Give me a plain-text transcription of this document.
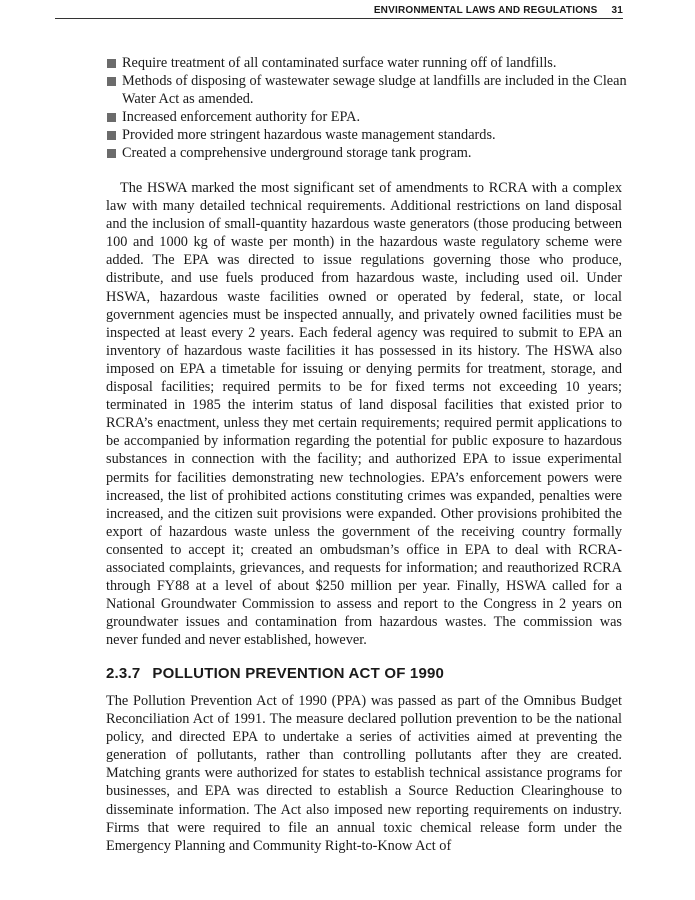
ENVIRONMENTAL LAWS AND REGULATIONS 31
Require treatment of all contaminated surface water running off of landfills.
Methods of disposing of wastewater sewage sludge at landfills are included in the Clean Water Act as amended.
Increased enforcement authority for EPA.
Provided more stringent hazardous waste management standards.
Created a comprehensive underground storage tank program.

The HSWA marked the most significant set of amendments to RCRA with a complex law with many detailed technical requirements. Additional restrictions on land disposal and the inclusion of small-quantity hazardous waste generators (those producing between 100 and 1000 kg of waste per month) in the hazardous waste regulatory scheme were added. The EPA was directed to issue regulations governing those who produce, distribute, and use fuels produced from hazardous waste, including used oil. Under HSWA, hazardous waste facilities owned or operated by federal, state, or local government agencies must be inspected annually, and privately owned facilities must be inspected at least every 2 years. Each federal agency was required to submit to EPA an inventory of hazardous waste facilities it has possessed in its history. The HSWA also imposed on EPA a timetable for issuing or denying permits for treatment, storage, and disposal facilities; required permits to be for fixed terms not exceeding 10 years; terminated in 1985 the interim status of land disposal facilities that existed prior to RCRA’s enactment, unless they met certain requirements; required permit applications to be accompanied by information regarding the potential for public exposure to hazardous substances in connection with the facility; and authorized EPA to issue experimental permits for facilities demonstrating new technologies. EPA’s enforcement powers were increased, the list of prohibited actions constituting crimes was expanded, penalties were increased, and the citizen suit provisions were expanded. Other provisions prohibited the export of hazardous waste unless the government of the receiving country formally consented to accept it; created an ombudsman’s office in EPA to deal with RCRA-associated complaints, grievances, and requests for information; and reauthorized RCRA through FY88 at a level of about $250 million per year. Finally, HSWA called for a National Groundwater Commission to assess and report to the Congress in 2 years on groundwater issues and contamination from hazardous wastes. The commission was never funded and never established, however.

2.3.7 POLLUTION PREVENTION ACT OF 1990

The Pollution Prevention Act of 1990 (PPA) was passed as part of the Omnibus Budget Reconciliation Act of 1991. The measure declared pollution prevention to be the national policy, and directed EPA to undertake a series of activities aimed at preventing the generation of pollutants, rather than controlling pollutants after they are created. Matching grants were authorized for states to establish technical assistance programs for businesses, and EPA was directed to establish a Source Reduction Clearinghouse to disseminate information. The Act also imposed new reporting requirements on industry. Firms that were required to file an annual toxic chemical release form under the Emergency Planning and Community Right-to-Know Act of
